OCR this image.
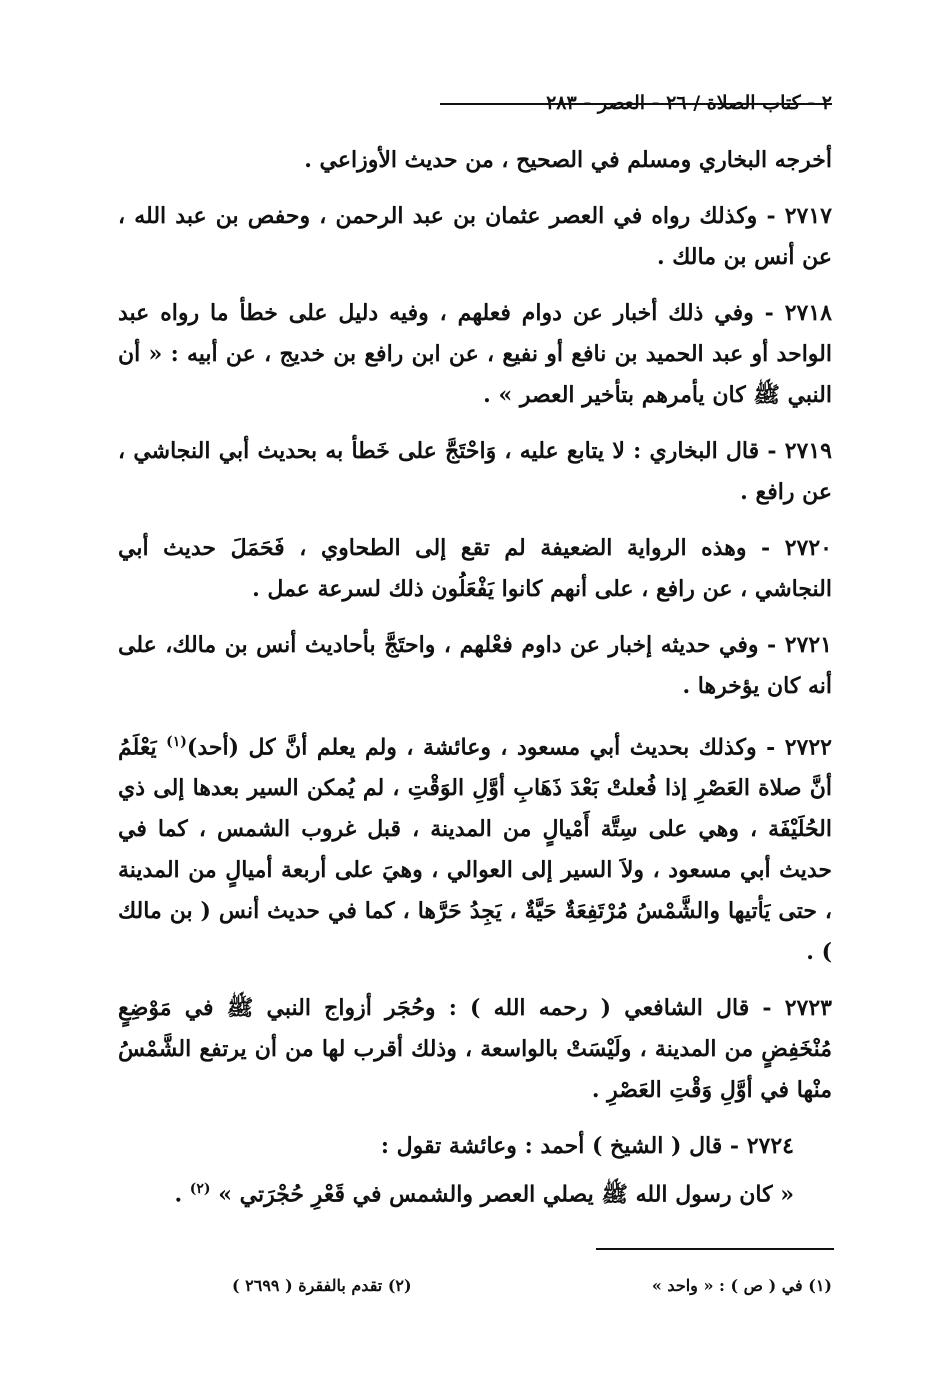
٢ - كتاب الصلاة / ٢٦ - العصر - ٢٨٣

أخرجه البخاري ومسلم في الصحيح ، من حديث الأوزاعي .

٢٧١٧ - وكذلك رواه في العصر عثمان بن عبد الرحمن ، وحفص بن عبد الله ، عن أنس بن مالك .

٢٧١٨ - وفي ذلك أخبار عن دوام فعلهم ، وفيه دليل على خطأ ما رواه عبد الواحد أو عبد الحميد بن نافع أو نفيع ، عن ابن رافع بن خديج ، عن أبيه : « أن النبي ﷺ كان يأمرهم بتأخير العصر » .

٢٧١٩ - قال البخاري : لا يتابع عليه ، وَاحْتَجَّ على خَطأ به بحديث أبي النجاشي ، عن رافع .

٢٧٢٠ - وهذه الرواية الضعيفة لم تقع إلى الطحاوي ، فَحَمَلَ حديث أبي النجاشي ، عن رافع ، على أنهم كانوا يَفْعَلُون ذلك لسرعة عمل .

٢٧٢١ - وفي حديثه إخبار عن داوم فعْلهم ، واحتَجَّ بأحاديث أنس بن مالك، على أنه كان يؤخرها .

٢٧٢٢ - وكذلك بحديث أبي مسعود ، وعائشة ، ولم يعلم أنَّ كل (أحد)$^{(١)}$ يَعْلَمُ أنَّ صلاة العَصْرِ إذا فُعلتْ بَعْدَ ذَهَابِ أوَّلِ الوَقْتِ ، لم يُمكن السير بعدها إلى ذي الحُلَيْفَة ، وهي على سِتَّة أَمْيالٍ من المدينة ، قبل غروب الشمس ، كما في حديث أبي مسعود ، ولاَ السير إلى العوالي ، وهيَ على أربعة أميالٍ من المدينة ، حتى يَأتيها والشَّمْسُ مُرْتَفِعَةٌ حَيَّةٌ ، يَجِدُ حَرَّها ، كما في حديث أنس ( بن مالك ) .

٢٧٢٣ - قال الشافعي ( رحمه الله ) : وحُجَر أزواج النبي ﷺ في مَوْضِعٍ مُنْخَفِضٍ من المدينة ، ولَيْسَتْ بالواسعة ، وذلك أقرب لها من أن يرتفع الشَّمْسُ منْها في أوَّلِ وَقْتِ العَصْرِ .

٢٧٢٤ - قال ( الشيخ ) أحمد : وعائشة تقول :

« كان رسول الله ﷺ يصلي العصر والشمس في قَعْرِ حُجْرَتي » $^{(٢)}$ .

(١) في ( ص ) : « واحد »
(٢) تقدم بالفقرة ( ٢٦٩٩ )
